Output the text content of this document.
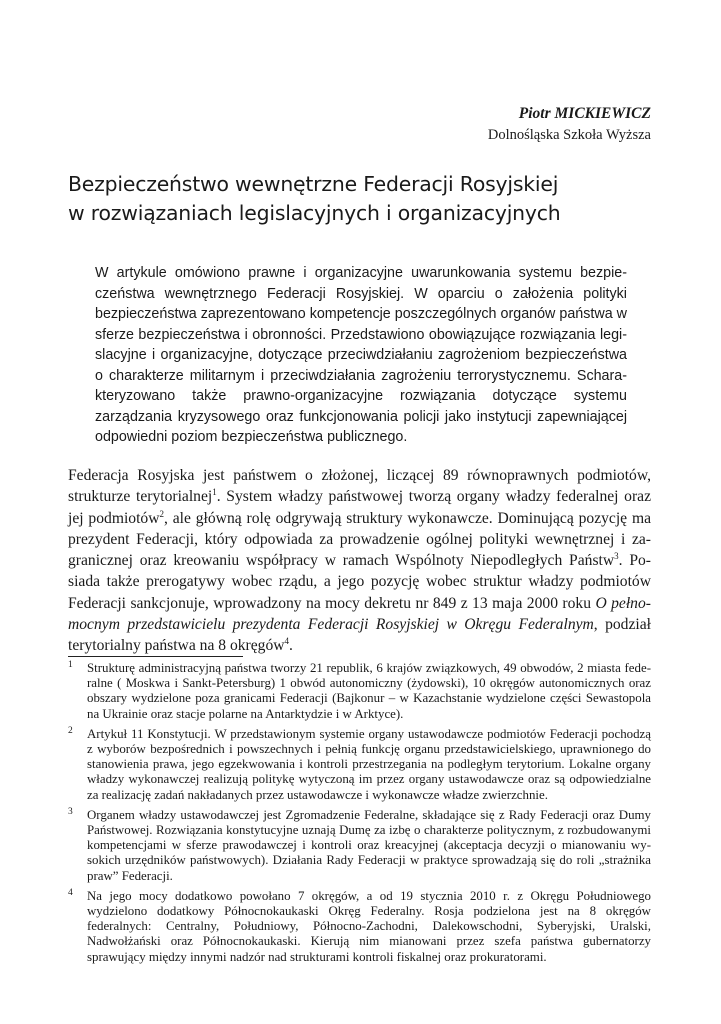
Piotr MICKIEWICZ
Dolnośląska Szkoła Wyższa
Bezpieczeństwo wewnętrzne Federacji Rosyjskiej
w rozwiązaniach legislacyjnych i organizacyjnych

W artykule omówiono prawne i organizacyjne uwarunkowania systemu bezpieczeństwa wewnętrznego Federacji Rosyjskiej. W oparciu o założenia polityki bezpieczeństwa zaprezentowano kompetencje poszczególnych organów państwa w sferze bezpieczeństwa i obronności. Przedstawiono obowiązujące rozwiązania legislacyjne i organizacyjne, dotyczące przeciwdziałaniu zagrożeniom bezpieczeństwa o charakterze militarnym i przeciwdziałania zagrożeniu terrorystycznemu. Scharakteryzowano także prawno-organizacyjne rozwiązania dotyczące systemu zarządzania kryzysowego oraz funkcjonowania policji jako instytucji zapewniającej odpowiedni poziom bezpieczeństwa publicznego.

Federacja Rosyjska jest państwem o złożonej, liczącej 89 równoprawnych podmiotów, strukturze terytorialnej$^1$. System władzy państwowej tworzą organy władzy federalnej oraz jej podmiotów$^2$, ale główną rolę odgrywają struktury wykonawcze. Dominującą pozycję ma prezydent Federacji, który odpowiada za prowadzenie ogólnej polityki wewnętrznej i zagranicznej oraz kreowaniu współpracy w ramach Wspólnoty Niepodległych Państw$^3$. Posiada także prerogatywy wobec rządu, a jego pozycję wobec struktur władzy podmiotów Federacji sankcjonuje, wprowadzony na mocy dekretu nr 849 z 13 maja 2000 roku O pełnomocnym przedstawicielu prezydenta Federacji Rosyjskiej w Okręgu Federalnym, podział terytorialny państwa na 8 okręgów$^4$.

1 Strukturę administracyjną państwa tworzy 21 republik, 6 krajów związkowych, 49 obwodów, 2 miasta federalne ( Moskwa i Sankt-Petersburg) 1 obwód autonomiczny (żydowski), 10 okręgów autonomicznych oraz obszary wydzielone poza granicami Federacji (Bajkonur – w Kazachstanie wydzielone części Sewastopola na Ukrainie oraz stacje polarne na Antarktydzie i w Arktyce).
2 Artykuł 11 Konstytucji. W przedstawionym systemie organy ustawodawcze podmiotów Federacji pochodzą z wyborów bezpośrednich i powszechnych i pełnią funkcję organu przedstawicielskiego, uprawnionego do stanowienia prawa, jego egzekwowania i kontroli przestrzegania na podległym terytorium. Lokalne organy władzy wykonawczej realizują politykę wytyczoną im przez organy ustawodawcze oraz są odpowiedzialne za realizację zadań nakładanych przez ustawodawcze i wykonawcze władze zwierzchnie.
3 Organem władzy ustawodawczej jest Zgromadzenie Federalne, składające się z Rady Federacji oraz Dumy Państwowej. Rozwiązania konstytucyjne uznają Dumę za izbę o charakterze politycznym, z rozbudowanymi kompetencjami w sferze prawodawczej i kontroli oraz kreacyjnej (akceptacja decyzji o mianowaniu wysokich urzędników państwowych). Działania Rady Federacji w praktyce sprowadzają się do roli „strażnika praw” Federacji.
4 Na jego mocy dodatkowo powołano 7 okręgów, a od 19 stycznia 2010 r. z Okręgu Południowego wydzielono dodatkowy Północnokaukaski Okręg Federalny. Rosja podzielona jest na 8 okręgów federalnych: Centralny, Południowy, Północno-Zachodni, Dalekowschodni, Syberyjski, Uralski, Nadwołżański oraz Północnokaukaski. Kierują nim mianowani przez szefa państwa gubernatorzy sprawujący między innymi nadzór nad strukturami kontroli fiskalnej oraz prokuratorami.
